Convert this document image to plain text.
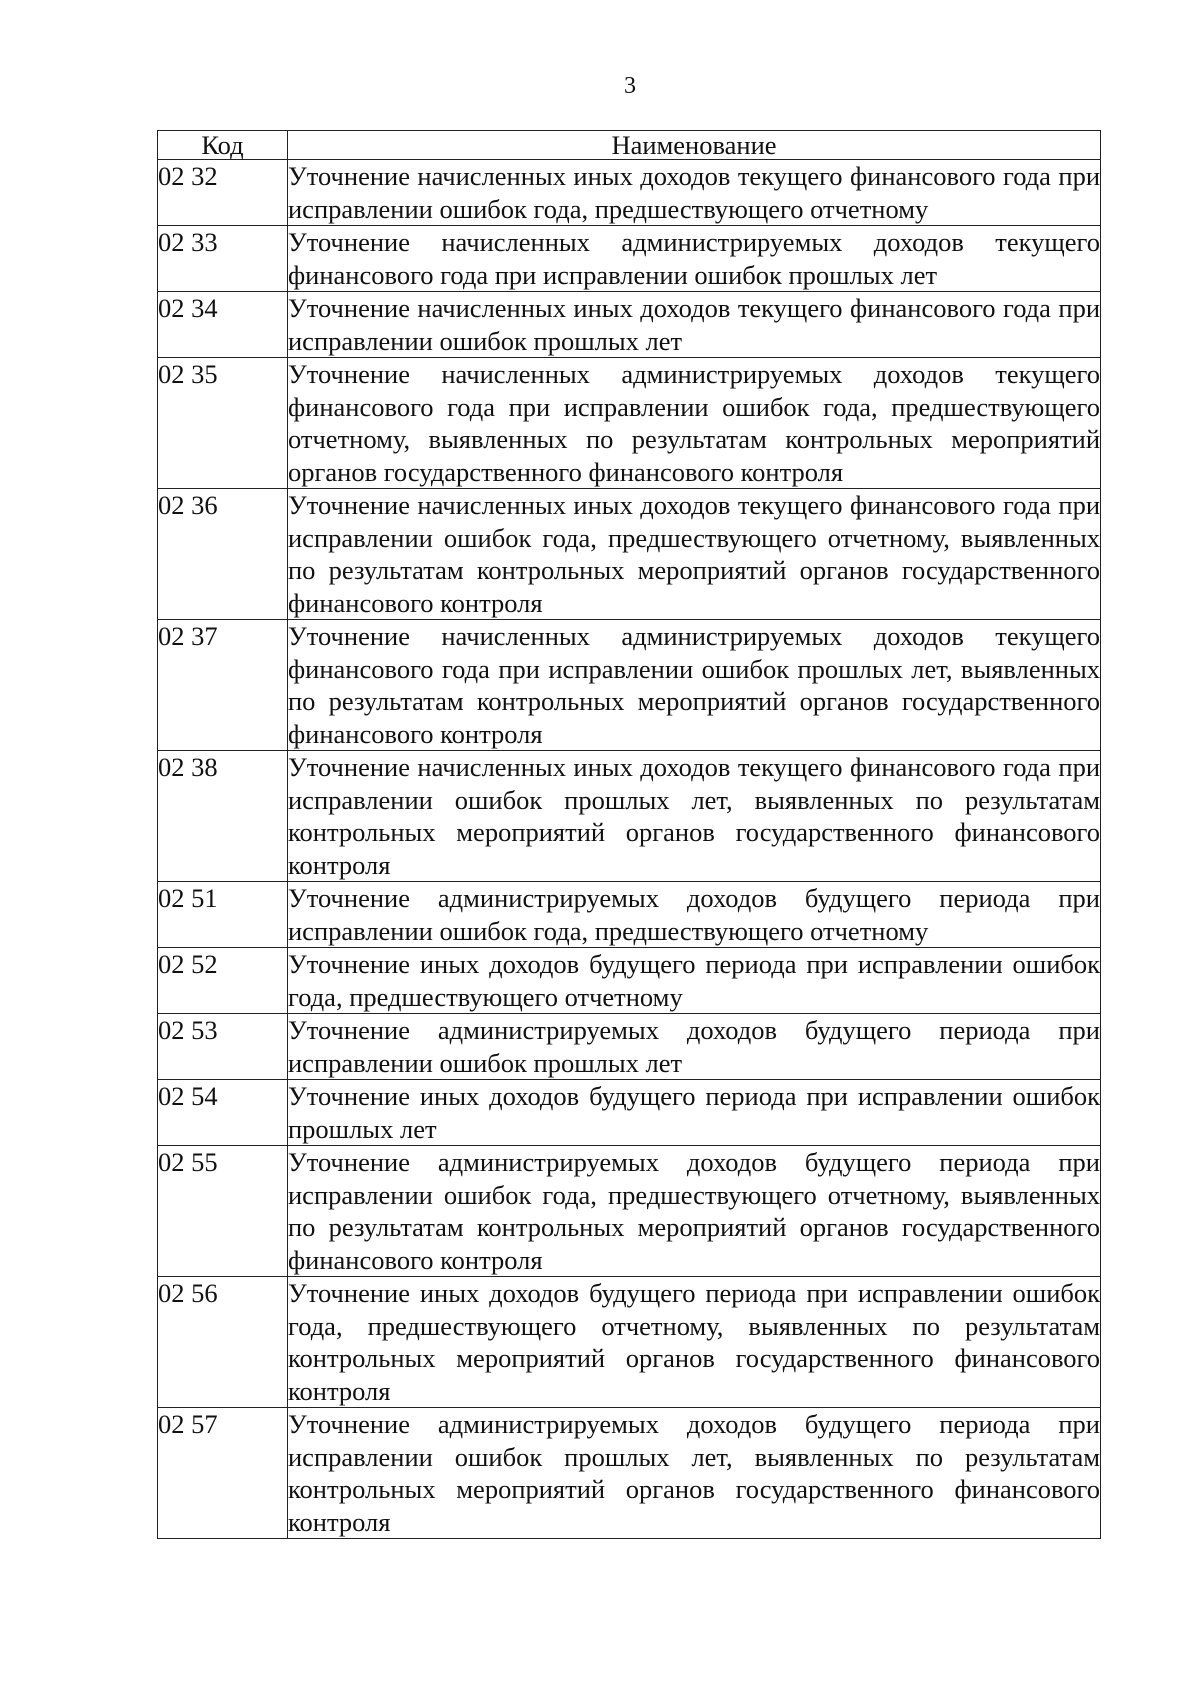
3
Код	Наименование
02 32	Уточнение начисленных иных доходов текущего финансового года при исправлении ошибок года, предшествующего отчетному
02 33	Уточнение начисленных администрируемых доходов текущего финансового года при исправлении ошибок прошлых лет
02 34	Уточнение начисленных иных доходов текущего финансового года при исправлении ошибок прошлых лет
02 35	Уточнение начисленных администрируемых доходов текущего финансового года при исправлении ошибок года, предшествующего отчетному, выявленных по результатам контрольных мероприятий органов государственного финансового контроля
02 36	Уточнение начисленных иных доходов текущего финансового года при исправлении ошибок года, предшествующего отчетному, выявленных по результатам контрольных мероприятий органов государственного финансового контроля
02 37	Уточнение начисленных администрируемых доходов текущего финансового года при исправлении ошибок прошлых лет, выявленных по результатам контрольных мероприятий органов государственного финансового контроля
02 38	Уточнение начисленных иных доходов текущего финансового года при исправлении ошибок прошлых лет, выявленных по результатам контрольных мероприятий органов государственного финансового контроля
02 51	Уточнение администрируемых доходов будущего периода при исправлении ошибок года, предшествующего отчетному
02 52	Уточнение иных доходов будущего периода при исправлении ошибок года, предшествующего отчетному
02 53	Уточнение администрируемых доходов будущего периода при исправлении ошибок прошлых лет
02 54	Уточнение иных доходов будущего периода при исправлении ошибок прошлых лет
02 55	Уточнение администрируемых доходов будущего периода при исправлении ошибок года, предшествующего отчетному, выявленных по результатам контрольных мероприятий органов государственного финансового контроля
02 56	Уточнение иных доходов будущего периода при исправлении ошибок года, предшествующего отчетному, выявленных по результатам контрольных мероприятий органов государственного финансового контроля
02 57	Уточнение администрируемых доходов будущего периода при исправлении ошибок прошлых лет, выявленных по результатам контрольных мероприятий органов государственного финансового контроля
